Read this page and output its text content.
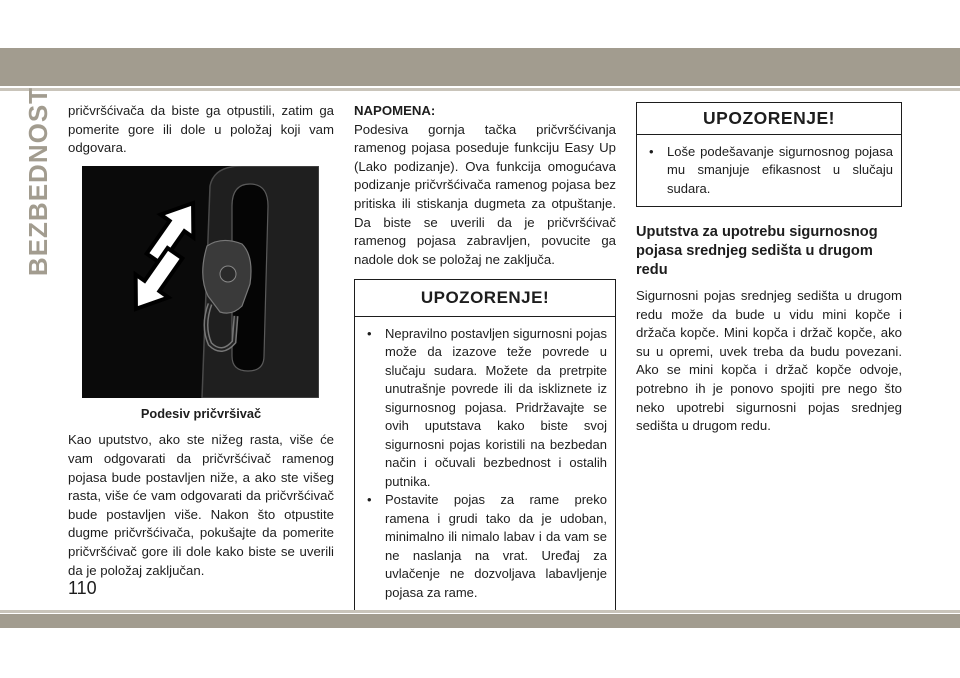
BEZBEDNOST pričvršćivača da biste ga otpustili, zatim ga pomerite gore ili dole u položaj koji vam odgovara.

Podesiv pričvršivač

Kao uputstvo, ako ste nižeg rasta, više će vam odgovarati da pričvršćivač ramenog pojasa bude postavljen niže, a ako ste višeg rasta, više će vam odgovarati da pričvršćivač bude postavljen više. Nakon što otpustite dugme pričvršćivača, pokušajte da pomerite pričvršćivač gore ili dole kako biste se uverili da je položaj zaključan.

NAPOMENA:

Podesiva gornja tačka pričvršćivanja ramenog pojasa poseduje funkciju Easy Up (Lako podizanje). Ova funkcija omogućava podizanje pričvršćivača ramenog pojasa bez pritiska ili stiskanja dugmeta za otpuštanje. Da biste se uverili da je pričvršćivač ramenog pojasa zabravljen, povucite ga nadole dok se položaj ne zaključa.

UPOZORENJE!
• Nepravilno postavljen sigurnosni pojas može da izazove teže povrede u slučaju sudara. Možete da pretrpite unutrašnje povrede ili da iskliznete iz sigurnosnog pojasa. Pridržavajte se ovih uputstava kako biste svoj sigurnosni pojas koristili na bezbedan način i očuvali bezbednost i ostalih putnika.
• Postavite pojas za rame preko ramena i grudi tako da je udoban, minimalno ili nimalo labav i da vam se ne naslanja na vrat. Uređaj za uvlačenje ne dozvoljava labavljenje pojasa za rame.
UPOZORENJE!
• Loše podešavanje sigurnosnog pojasa mu smanjuje efikasnost u slučaju sudara.
Uputstva za upotrebu sigurnosnog pojasa srednjeg sedišta u drugom redu

Sigurnosni pojas srednjeg sedišta u drugom redu može da bude u vidu mini kopče i držača kopče. Mini kopča i držač kopče, ako su u opremi, uvek treba da budu povezani. Ako se mini kopča i držač kopče odvoje, potrebno ih je ponovo spojiti pre nego što neko upotrebi sigurnosni pojas srednjeg sedišta u drugom redu.

110
